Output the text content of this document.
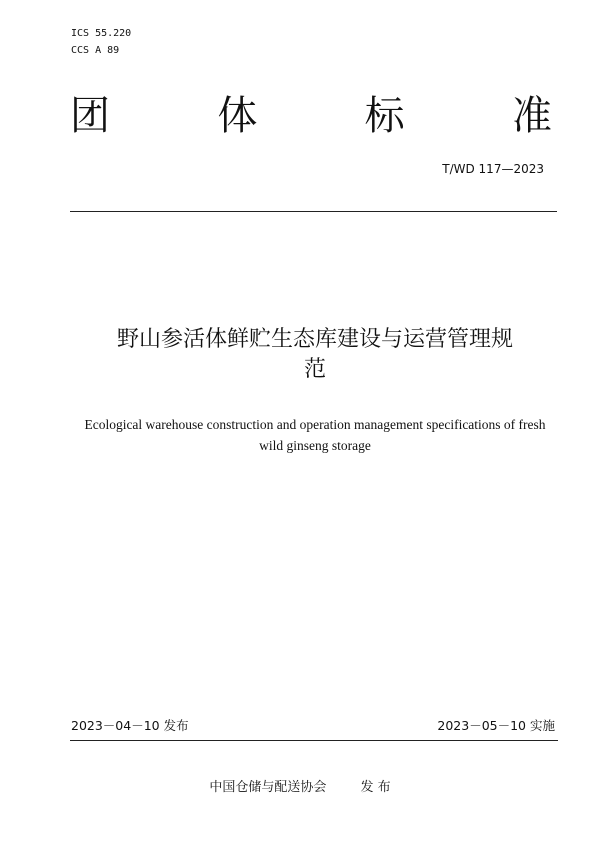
ICS 55.220
CCS A 89
团	体	标	准
T/WD 117—2023
野山参活体鲜贮生态库建设与运营管理规
范
Ecological warehouse construction and operation management specifications of fresh
wild ginseng storage
2023－04－10 发布	2023－05－10 实施
中国仓储与配送协会	发 布
